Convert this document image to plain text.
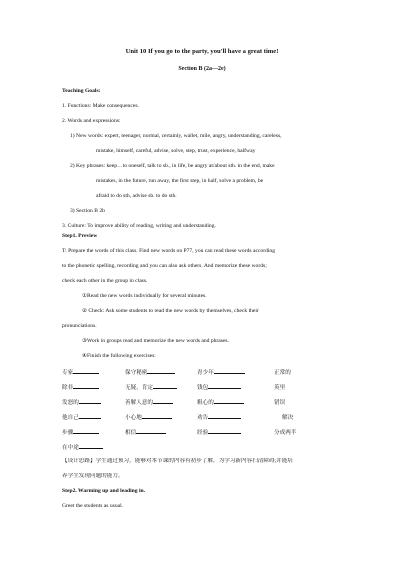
Unit 10 If you go to the party, you'll have a great time!
Section B (2a—2e)
Teaching Goals:
1. Functions: Make consequences.
2. Words and expressions:
1) New words: expert, teenager, normal, certainly, wallet, mile, angry, understanding, careless,
mistake, himself, careful, advise, solve, step, trust, experience, halfway
2) Key phrases: keep…to oneself, talk to sb., in life, be angry at/about sth. in the end, make
mistakes, in the future, run away, the first step, in half, solve a problem, be
afraid to do sth, advise sb. to do sth.
3) Section B 2b
3. Culture: To improve ability of reading, writing and understanding.
Step1. Preview
T: Prepare the words of this class. Find new words on P77, you can read these words according
to the phonetic spelling, recording and you can also ask others. And memorize these words;
check each other in the group in class.
①Read the new words individually for several minutes.
② Check: Ask some students to read the new words by themselves, check their
pronunciations.
③Work in groups read and memorize the new words and phrases.
④Finish the following exercises:
专家	保守秘密	青少年	正常的
除非	无疑，肯定	钱包	英里
发怒的	善解人意的	粗心的	错误
他自己	小心地	劝告	解决
步骤	相信	经验	分成两半
在中途
【设计思路】学生通过预习，能够对本节课的内容有初步了解，为学习新内容扫清障碍;并能培
养学生发现问题的能力。
Step2. Warming up and leading in.
Greet the students as usual.
